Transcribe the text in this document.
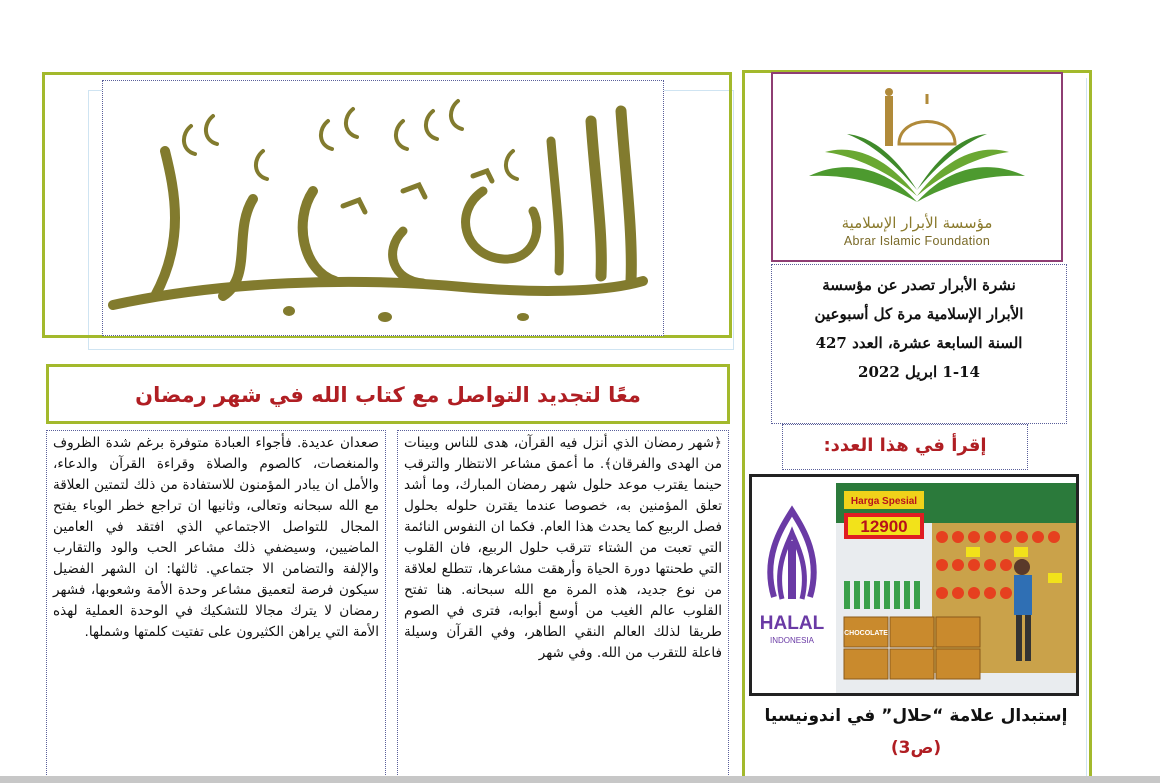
معًا لتجديد التواصل مع كتاب الله في شهر رمضان
مؤسسة الأبرار الإسلامية
Abrar Islamic Foundation
نشرة الأبرار تصدر عن مؤسسة
الأبرار الإسلامية مرة كل أسبوعين
السنة السابعة عشرة، العدد 427
1-14 ابريل 2022
إقرأ في هذا العدد:
HALAL
INDONESIA
Harga Spesial
12900
CHOCOLATE
إستبدال علامة “حلال” في اندونيسيا
(ص3)

﴿شهر رمضان الذي أنزل فيه القرآن، هدى للناس وبينات من الهدى والفرقان﴾. ما أعمق مشاعر الانتظار والترقب حينما يقترب موعد حلول شهر رمضان المبارك، وما أشد تعلق المؤمنين به، خصوصا عندما يقترن حلوله بحلول فصل الربيع كما يحدث هذا العام. فكما ان النفوس النائمة التي تعبت من الشتاء تترقب حلول الربيع، فان القلوب التي طحنتها دورة الحياة وأرهقت مشاعرها، تتطلع لعلاقة من نوع جديد، هذه المرة مع الله سبحانه. هنا تفتح القلوب عالم الغيب من أوسع أبوابه، فترى في الصوم طريقا لذلك العالم النقي الطاهر، وفي القرآن وسيلة فاعلة للتقرب من الله. وفي شهر

صعدان عديدة. فأجواء العبادة متوفرة برغم شدة الظروف والمنغصات، كالصوم والصلاة وقراءة القرآن والدعاء، والأمل ان يبادر المؤمنون للاستفادة من ذلك لتمتين العلاقة مع الله سبحانه وتعالى، وثانيها ان تراجع خطر الوباء يفتح المجال للتواصل الاجتماعي الذي افتقد في العامين الماضيين، وسيضفي ذلك مشاعر الحب والود والتقارب والإلفة والتضامن الا جتماعي. ثالثها: ان الشهر الفضيل سيكون فرصة لتعميق مشاعر وحدة الأمة وشعوبها، فشهر رمضان لا يترك مجالا للتشكيك في الوحدة العملية لهذه الأمة التي يراهن الكثيرون على تفتيت كلمتها وشملها.
